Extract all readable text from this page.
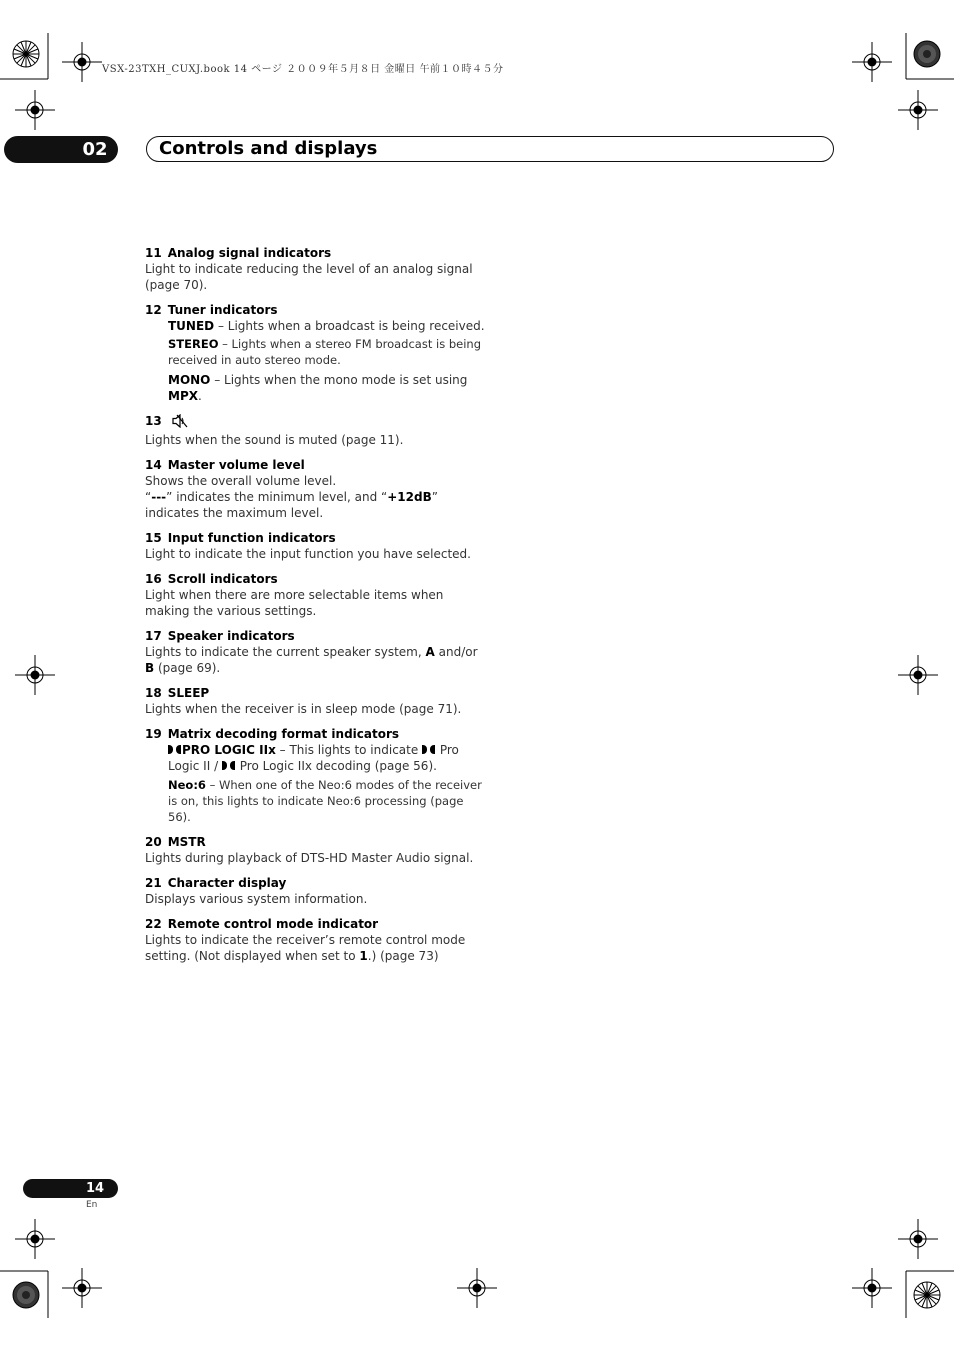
VSX-23TXH_CUXJ.book 14 ページ ２００９年５月８日 金曜日 午前１０時４５分
02	Controls and displays
11 Analog signal indicators

Light to indicate reducing the level of an analog signal (page 70).

12 Tuner indicators

TUNED – Lights when a broadcast is being received.

STEREO – Lights when a stereo FM broadcast is being received in auto stereo mode.

MONO – Lights when the mono mode is set using MPX.

13

Lights when the sound is muted (page 11).

14 Master volume level

Shows the overall volume level.

“---” indicates the minimum level, and “+12dB” indicates the maximum level.

15 Input function indicators

Light to indicate the input function you have selected.

16 Scroll indicators

Light when there are more selectable items when making the various settings.

17 Speaker indicators

Lights to indicate the current speaker system, A and/or B (page 69).

18 SLEEP

Lights when the receiver is in sleep mode (page 71).

19 Matrix decoding format indicators

PRO LOGIC IIx – This lights to indicate  Pro Logic II /  Pro Logic IIx decoding (page 56).

Neo:6 – When one of the Neo:6 modes of the receiver is on, this lights to indicate Neo:6 processing (page 56).

20 MSTR

Lights during playback of DTS-HD Master Audio signal.

21 Character display

Displays various system information.

22 Remote control mode indicator

Lights to indicate the receiver’s remote control mode setting. (Not displayed when set to 1.) (page 73)

14
En
